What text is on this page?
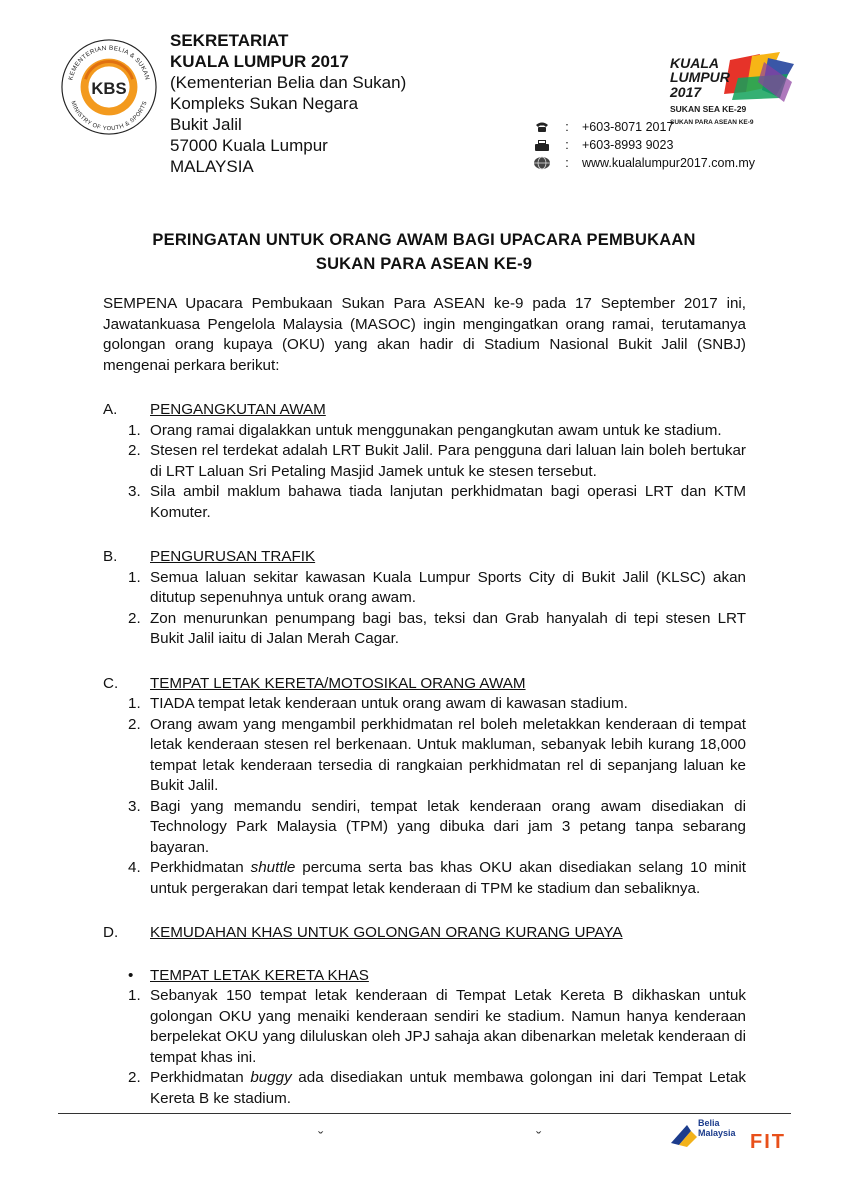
KEMENTERIAN BELIA & SUKAN
MINISTRY OF YOUTH & SPORTS
KBS
SEKRETARIAT
KUALA LUMPUR 2017
(Kementerian Belia dan Sukan)
Kompleks Sukan Negara
Bukit Jalil
57000 Kuala Lumpur
MALAYSIA
KUALA
LUMPUR
2017
SUKAN SEA KE-29
SUKAN PARA ASEAN KE-9
:	+603-8071 2017
:	+603-8993 9023
:	www.kualalumpur2017.com.my
PERINGATAN UNTUK ORANG AWAM BAGI UPACARA PEMBUKAAN
SUKAN PARA ASEAN KE-9

SEMPENA Upacara Pembukaan Sukan Para ASEAN ke-9 pada 17 September 2017 ini, Jawatankuasa Pengelola Malaysia (MASOC) ingin mengingatkan orang ramai, terutamanya golongan orang kupaya (OKU) yang akan hadir di Stadium Nasional Bukit Jalil (SNBJ) mengenai perkara berikut:

A.	PENGANGKUTAN AWAM
1. Orang ramai digalakkan untuk menggunakan pengangkutan awam untuk ke stadium.
2. Stesen rel terdekat adalah LRT Bukit Jalil. Para pengguna dari laluan lain boleh bertukar di LRT Laluan Sri Petaling Masjid Jamek untuk ke stesen tersebut.
3. Sila ambil maklum bahawa tiada lanjutan perkhidmatan bagi operasi LRT dan KTM Komuter.
B.	PENGURUSAN TRAFIK
1. Semua laluan sekitar kawasan Kuala Lumpur Sports City di Bukit Jalil (KLSC) akan ditutup sepenuhnya untuk orang awam.
2. Zon menurunkan penumpang bagi bas, teksi dan Grab hanyalah di tepi stesen LRT Bukit Jalil iaitu di Jalan Merah Cagar.
C.	TEMPAT LETAK KERETA/MOTOSIKAL ORANG AWAM
1. TIADA tempat letak kenderaan untuk orang awam di kawasan stadium.
2. Orang awam yang mengambil perkhidmatan rel boleh meletakkan kenderaan di tempat letak kenderaan stesen rel berkenaan. Untuk makluman, sebanyak lebih kurang 18,000 tempat letak kenderaan tersedia di rangkaian perkhidmatan rel di sepanjang laluan ke Bukit Jalil.
3. Bagi yang memandu sendiri, tempat letak kenderaan orang awam disediakan di Technology Park Malaysia (TPM) yang dibuka dari jam 3 petang tanpa sebarang bayaran.
4. Perkhidmatan shuttle percuma serta bas khas OKU akan disediakan selang 10 minit untuk pergerakan dari tempat letak kenderaan di TPM ke stadium dan sebaliknya.
D.	KEMUDAHAN KHAS UNTUK GOLONGAN ORANG KURANG UPAYA
•	TEMPAT LETAK KERETA KHAS
1. Sebanyak 150 tempat letak kenderaan di Tempat Letak Kereta B dikhaskan untuk golongan OKU yang menaiki kenderaan sendiri ke stadium. Namun hanya kenderaan berpelekat OKU yang diluluskan oleh JPJ sahaja akan dibenarkan meletak kenderaan di tempat khas ini.
2. Perkhidmatan buggy ada disediakan untuk membawa golongan ini dari Tempat Letak Kereta B ke stadium.
ˇ	ˇ
Belia
Malaysia FIT
